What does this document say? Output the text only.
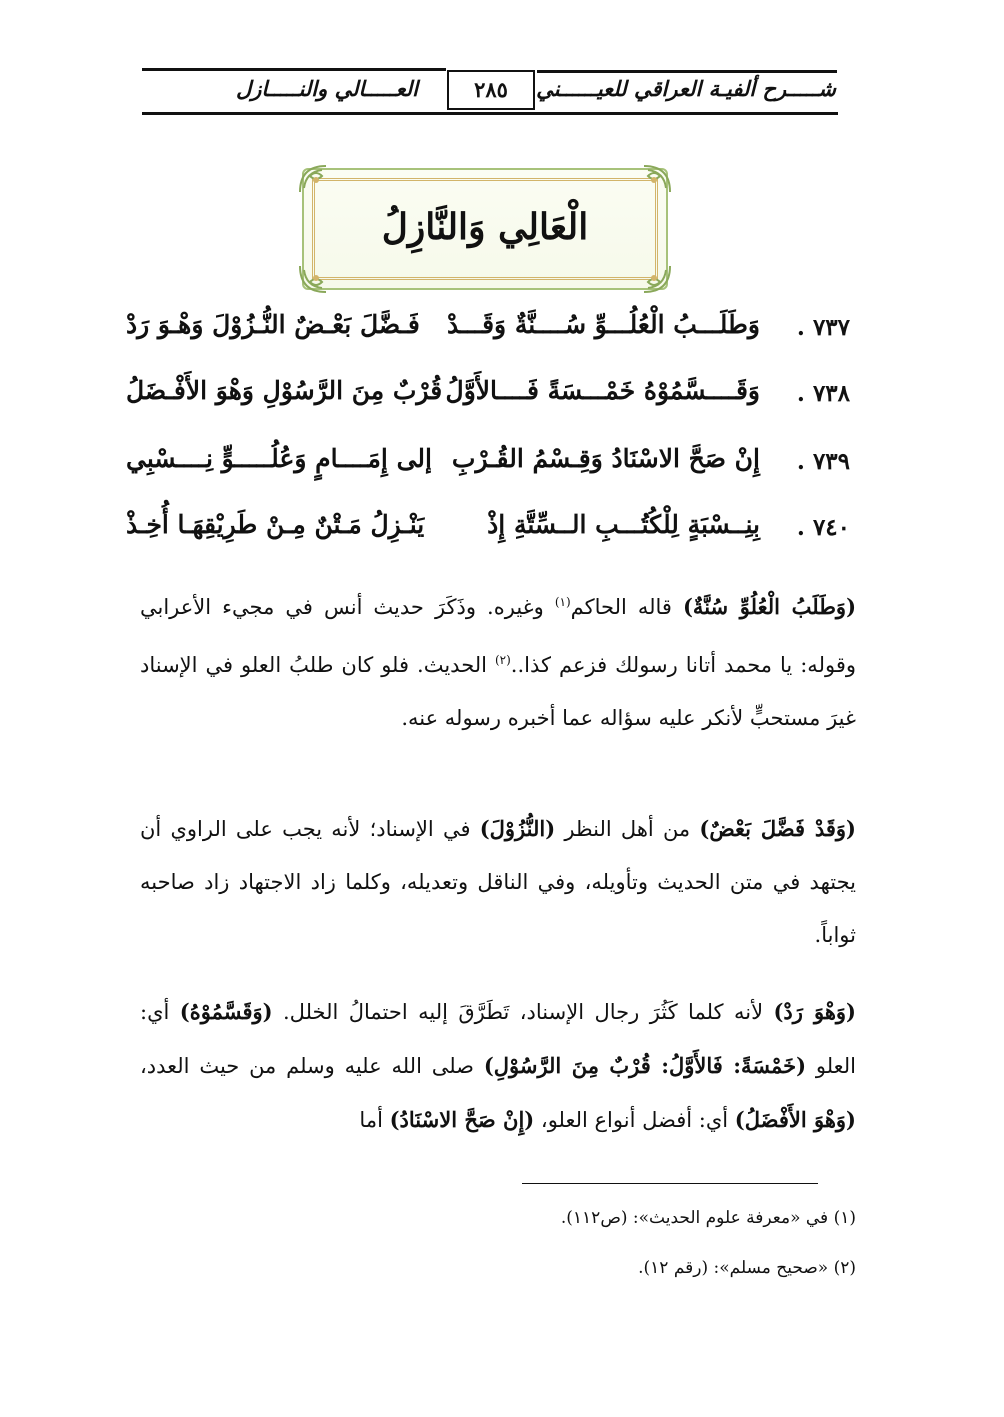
شـــــرح ألفيـة العراقي للعيــــــني
٢٨٥
العـــــالي والنـــــازل
الْعَالِي وَالنَّازِلُ
٧٣٧ .
وَطَلَـــبُ الْعُلُـــوِّ سُــــنَّةٌ وَقَـــدْ
فَـضَّلَ بَعْـضٌ النُّـزُوْلَ وَهْـوَ رَدْ
٧٣٨ .
وَقَــــسَّمُوْهُ خَمْـــسَةً فَــــالأَوَّلُ
قُرْبٌ مِنَ الرَّسُوْلِ وَهْوَ الأَفْـضَلُ
٧٣٩ .
إِنْ صَحَّ الاسْنَادُ وَقِـسْمُ القُـرْبِ
إلى إِمَــــامٍ وَعُلُـــــوٍّ نِــــسْبِي
٧٤٠ .
بِنِــسْبَةٍ لِلْكُتُـــبِ الــسِّتَّةِ إِذْ
يَنْـزِلُ مَـتْنٌ مِـنْ طَرِيْقِهَـا أُخِـذْ
(وَطَلَبُ الْعُلُوِّ سُنَّةٌ) قاله الحاكم$^{(١)}$ وغيره. وذَكَرَ حديث أنس في مجيء الأعرابي وقوله: يا محمد أتانا رسولك فزعم كذا..$^{(٢)}$ الحديث. فلو كان طلبُ العلو في الإسناد غيرَ مستحبٍّ لأنكر عليه سؤاله عما أخبره رسوله عنه.
(وَقَدْ فَضَّلَ بَعْضٌ) من أهل النظر (النُّزُوْلَ) في الإسناد؛ لأنه يجب على الراوي أن يجتهد في متن الحديث وتأويله، وفي الناقل وتعديله، وكلما زاد الاجتهاد زاد صاحبه ثواباً.
(وَهْوَ رَدْ) لأنه كلما كَثُرَ رجال الإسناد، تَطَرَّقَ إليه احتمالُ الخلل. (وَقَسَّمُوْهُ) أي: العلو (خَمْسَةً: فَالأَوَّلُ: قُرْبٌ مِنَ الرَّسُوْلِ) صلى الله عليه وسلم من حيث العدد، (وَهْوَ الأَفْضَلُ) أي: أفضل أنواع العلو، (إِنْ صَحَّ الاسْنَادُ) أما
(١) في «معرفة علوم الحديث»: (ص١١٢).
(٢) «صحيح مسلم»: (رقم ١٢).
